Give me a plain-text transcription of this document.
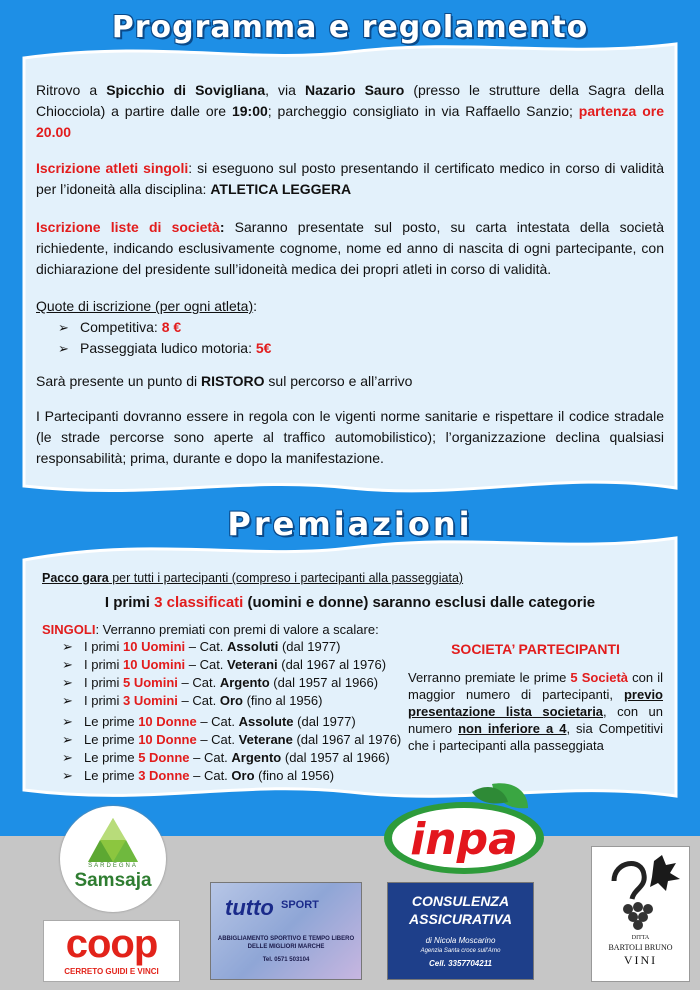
Programma e regolamento
Ritrovo a Spicchio di Sovigliana, via Nazario Sauro (presso le strutture della Sagra della Chiocciola) a partire dalle ore 19:00; parcheggio consigliato in via Raffaello Sanzio; partenza ore 20.00
Iscrizione atleti singoli: si eseguono sul posto presentando il certificato medico in corso di validità per l’idoneità alla disciplina: ATLETICA LEGGERA
Iscrizione liste di società: Saranno presentate sul posto, su carta intestata della società richiedente, indicando esclusivamente cognome, nome ed anno di nascita di ogni partecipante, con dichiarazione del presidente sull’idoneità medica dei propri atleti in corso di validità.
Quote di iscrizione (per ogni atleta):
➢ Competitiva: 8 €
➢ Passeggiata ludico motoria: 5€
Sarà presente un punto di RISTORO sul percorso e all’arrivo
I Partecipanti dovranno essere in regola con le vigenti norme sanitarie e rispettare il codice stradale (le strade percorse sono aperte al traffico automobilistico); l’organizzazione declina qualsiasi responsabilità; prima, durante e dopo la manifestazione.
Premiazioni
Pacco gara per tutti i partecipanti (compreso i partecipanti alla passeggiata)
I primi 3 classificati (uomini e donne) saranno esclusi dalle categorie
SINGOLI: Verranno premiati con premi di valore a scalare:
➢ I primi 10 Uomini – Cat. Assoluti (dal 1977)
➢ I primi 10 Uomini – Cat. Veterani (dal 1967 al 1976)
➢ I primi 5 Uomini – Cat. Argento (dal 1957 al 1966)
➢ I primi 3 Uomini – Cat. Oro (fino al 1956)
➢ Le prime 10 Donne – Cat. Assolute (dal 1977)
➢ Le prime 10 Donne – Cat. Veterane (dal 1967 al 1976)
➢ Le prime 5 Donne – Cat. Argento (dal 1957 al 1966)
➢ Le prime 3 Donne – Cat. Oro (fino al 1956)
SOCIETA’ PARTECIPANTI
Verranno premiate le prime 5 Società con il maggior numero di partecipanti, previo presentazione lista societaria, con un numero non inferiore a 4, sia Competitivi che i partecipanti alla passeggiata
SARDEGNA
Samsaja
inpa
DITTA
BARTOLI BRUNO
VINI
coop
CERRETO GUIDI E VINCI
tutto SPORT
ABBIGLIAMENTO SPORTIVO E TEMPO LIBERO DELLE MIGLIORI MARCHE
Tel. 0571 503104
CONSULENZA
ASSICURATIVA
di Nicola Moscarino
Agenzia Santa croce sull'Arno
Cell. 3357704211
